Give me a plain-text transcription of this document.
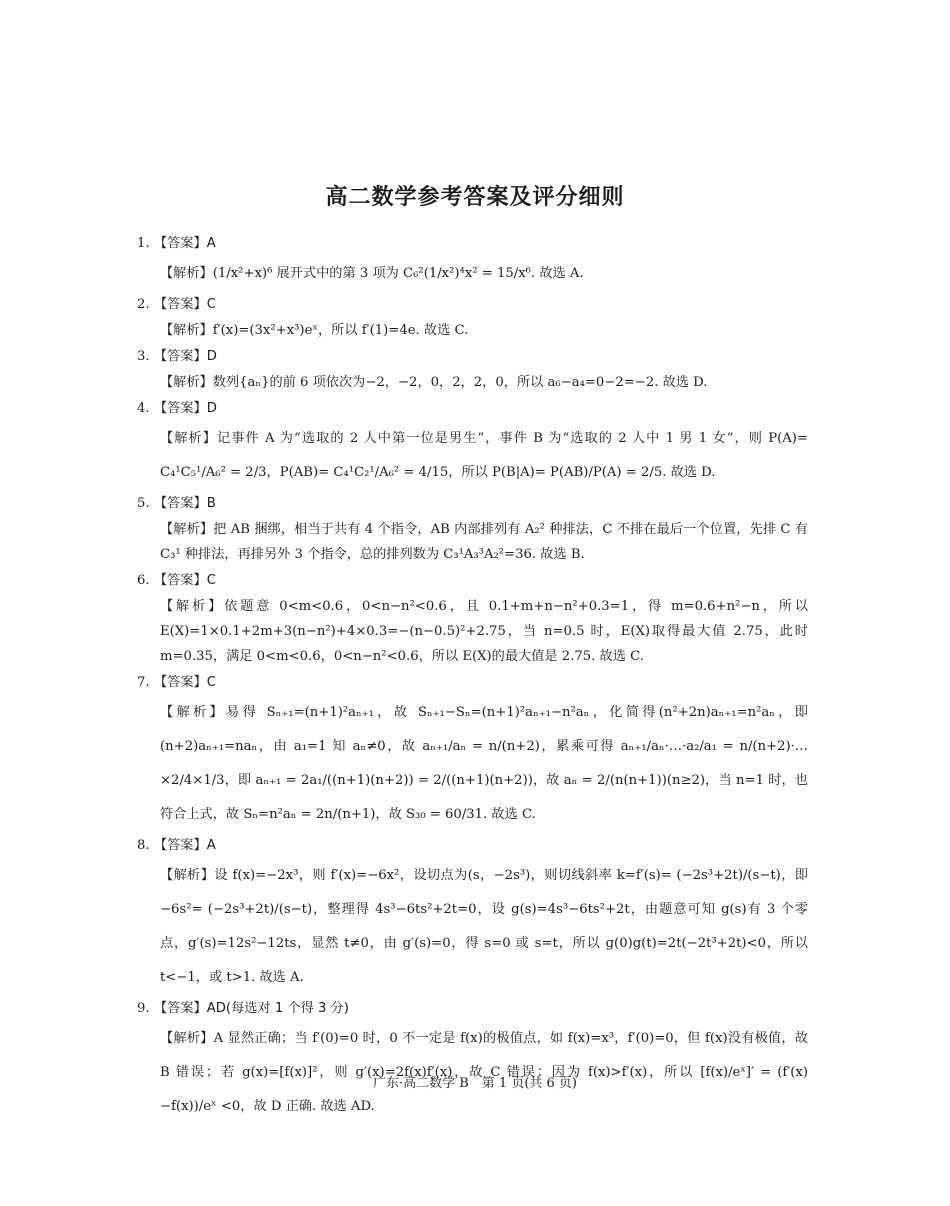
高二数学参考答案及评分细则
1. 【答案】A
【解析】(1/x²+x)⁶ 展开式中的第 3 项为 C₆²(1/x²)⁴x² = 15/x⁶. 故选 A.
2. 【答案】C
【解析】f′(x)=(3x²+x³)eˣ，所以 f′(1)=4e. 故选 C.
3. 【答案】D
【解析】数列{aₙ}的前 6 项依次为−2，−2，0，2，2，0，所以 a₆−a₄=0−2=−2. 故选 D.
4. 【答案】D
【解析】记事件 A 为“选取的 2 人中第一位是男生”，事件 B 为“选取的 2 人中 1 男 1 女”，则 P(A)= C₄¹C₅¹/A₆² = 2/3，P(AB)= C₄¹C₂¹/A₆² = 4/15，所以 P(B|A)= P(AB)/P(A) = 2/5. 故选 D.
5. 【答案】B
【解析】把 AB 捆绑，相当于共有 4 个指令，AB 内部排列有 A₂² 种排法，C 不排在最后一个位置，先排 C 有 C₃¹ 种排法，再排另外 3 个指令，总的排列数为 C₃¹A₃³A₂²=36. 故选 B.
6. 【答案】C
【解析】依题意 0<m<0.6，0<n−n²<0.6，且 0.1+m+n−n²+0.3=1，得 m=0.6+n²−n，所以 E(X)=1×0.1+2m+3(n−n²)+4×0.3=−(n−0.5)²+2.75，当 n=0.5 时，E(X)取得最大值 2.75，此时 m=0.35，满足 0<m<0.6，0<n−n²<0.6，所以 E(X)的最大值是 2.75. 故选 C.
7. 【答案】C
【解析】易得 Sₙ₊₁=(n+1)²aₙ₊₁，故 Sₙ₊₁−Sₙ=(n+1)²aₙ₊₁−n²aₙ，化简得(n²+2n)aₙ₊₁=n²aₙ，即(n+2)aₙ₊₁=naₙ，由 a₁=1 知 aₙ≠0，故 aₙ₊₁/aₙ = n/(n+2)，累乘可得 aₙ₊₁/aₙ·…·a₂/a₁ = n/(n+2)·…×2/4×1/3，即 aₙ₊₁ = 2a₁/((n+1)(n+2)) = 2/((n+1)(n+2))，故 aₙ = 2/(n(n+1))(n≥2)，当 n=1 时，也符合上式，故 Sₙ=n²aₙ = 2n/(n+1)，故 S₃₀ = 60/31. 故选 C.
8. 【答案】A
【解析】设 f(x)=−2x³，则 f′(x)=−6x²，设切点为(s，−2s³)，则切线斜率 k=f′(s)= (−2s³+2t)/(s−t)，即−6s²= (−2s³+2t)/(s−t)，整理得 4s³−6ts²+2t=0，设 g(s)=4s³−6ts²+2t，由题意可知 g(s)有 3 个零点，g′(s)=12s²−12ts，显然 t≠0，由 g′(s)=0，得 s=0 或 s=t，所以 g(0)g(t)=2t(−2t³+2t)<0，所以 t<−1，或 t>1. 故选 A.
9. 【答案】AD(每选对 1 个得 3 分)
【解析】A 显然正确；当 f′(0)=0 时，0 不一定是 f(x)的极值点，如 f(x)=x³，f′(0)=0，但 f(x)没有极值，故 B 错误；若 g(x)=[f(x)]²，则 g′(x)=2f(x)f′(x)，故 C 错误；因为 f(x)>f′(x)，所以 [f(x)/eˣ]′ = (f′(x)−f(x))/eˣ <0，故 D 正确. 故选 AD.
广东·高二数学 B　第 1 页(共 6 页)
